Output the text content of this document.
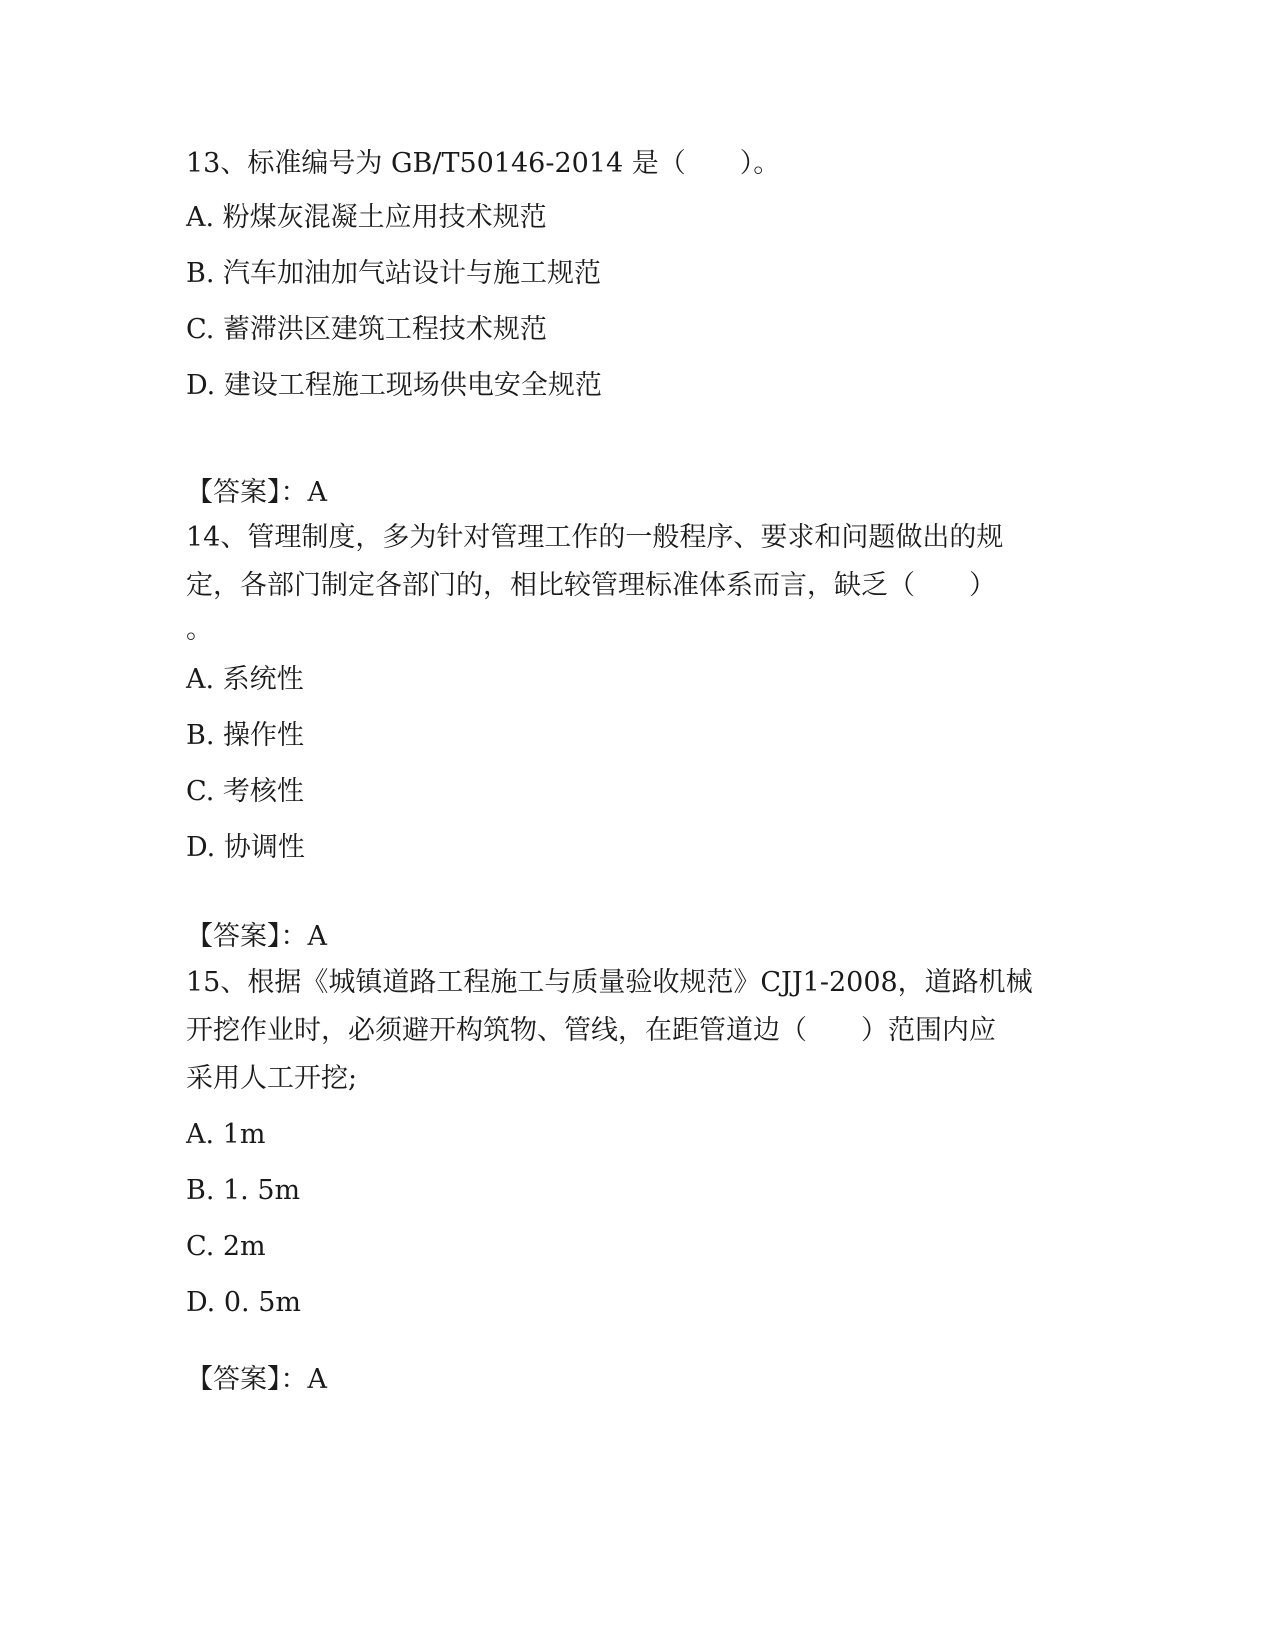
13、标准编号为 GB/T50146-2014 是（　　）。

A. 粉煤灰混凝土应用技术规范

B. 汽车加油加气站设计与施工规范

C. 蓄滞洪区建筑工程技术规范

D. 建设工程施工现场供电安全规范

【答案】：A

14、管理制度，多为针对管理工作的一般程序、要求和问题做出的规
定，各部门制定各部门的，相比较管理标准体系而言，缺乏（　　）
。

A. 系统性

B. 操作性

C. 考核性

D. 协调性

【答案】：A

15、根据《城镇道路工程施工与质量验收规范》CJJ1-2008，道路机械
开挖作业时，必须避开构筑物、管线，在距管道边（　　）范围内应
采用人工开挖;

A. 1m

B. 1. 5m

C. 2m

D. 0. 5m

【答案】：A
